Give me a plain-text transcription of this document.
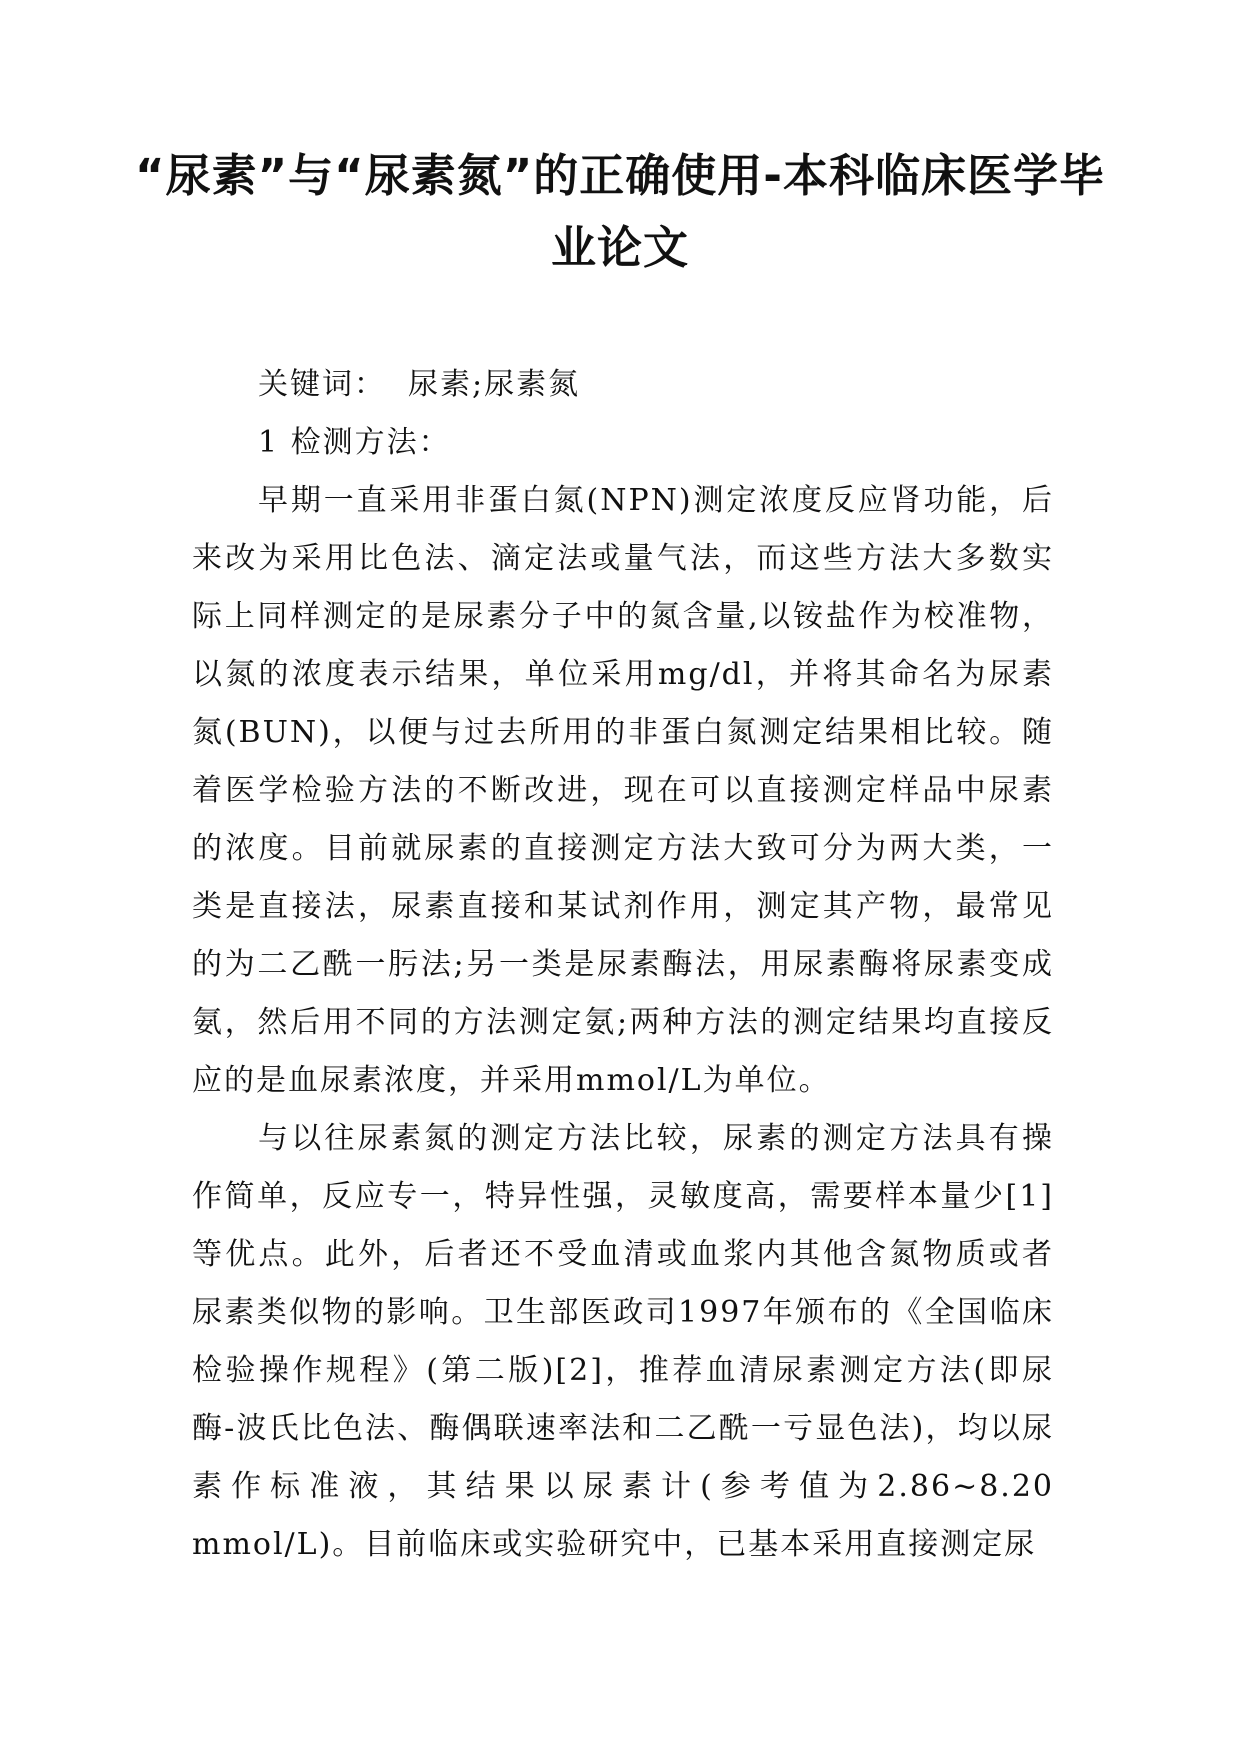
“尿素”与“尿素氮”的正确使用-本科临床医学毕业论文

关键词： 尿素;尿素氮

1 检测方法：

早期一直采用非蛋白氮(NPN)测定浓度反应肾功能，后来改为采用比色法、滴定法或量气法，而这些方法大多数实际上同样测定的是尿素分子中的氮含量,以铵盐作为校准物，以氮的浓度表示结果，单位采用mg/dl，并将其命名为尿素氮(BUN)，以便与过去所用的非蛋白氮测定结果相比较。随着医学检验方法的不断改进，现在可以直接测定样品中尿素的浓度。目前就尿素的直接测定方法大致可分为两大类，一类是直接法，尿素直接和某试剂作用，测定其产物，最常见的为二乙酰一肟法;另一类是尿素酶法，用尿素酶将尿素变成氨，然后用不同的方法测定氨;两种方法的测定结果均直接反应的是血尿素浓度，并采用mmol/L为单位。

与以往尿素氮的测定方法比较，尿素的测定方法具有操作简单，反应专一，特异性强，灵敏度高，需要样本量少[1]等优点。此外，后者还不受血清或血浆内其他含氮物质或者尿素类似物的影响。卫生部医政司1997年颁布的《全国临床检验操作规程》(第二版)[2]，推荐血清尿素测定方法(即尿酶-波氏比色法、酶偶联速率法和二乙酰一亏显色法)，均以尿素作标准液，其结果以尿素计(参考值为2.86~8.20 mmol/L)。目前临床或实验研究中，已基本采用直接测定尿
